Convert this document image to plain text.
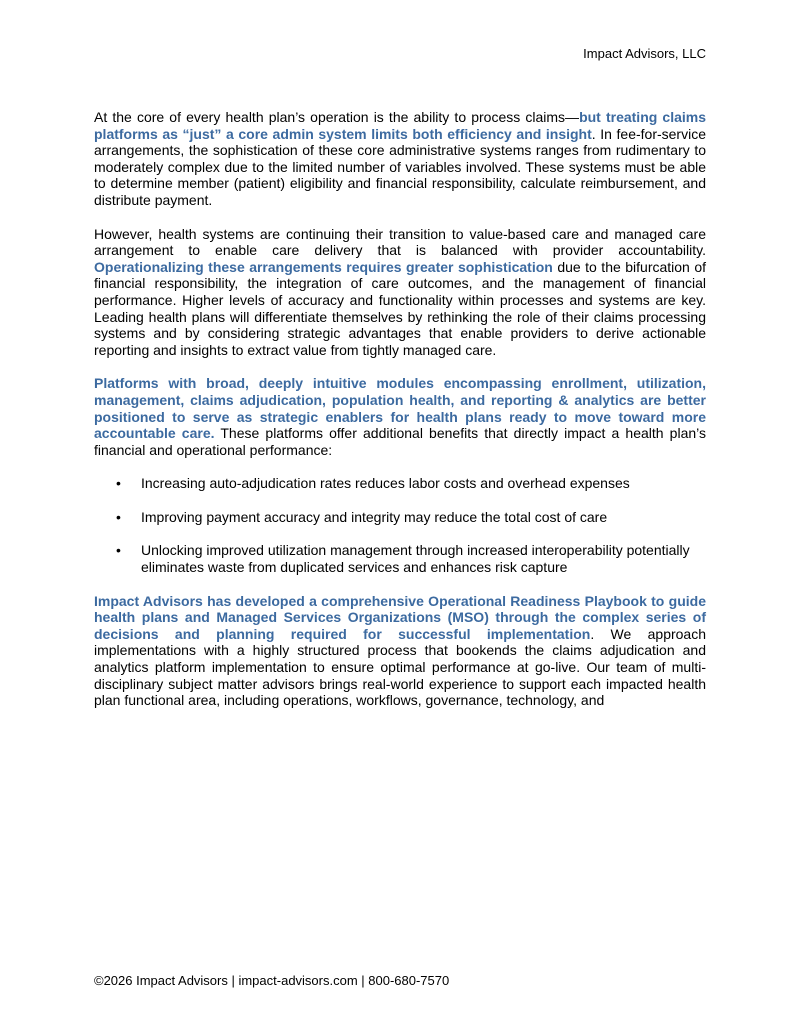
Impact Advisors, LLC

At the core of every health plan’s operation is the ability to process claims—but treating claims platforms as “just” a core admin system limits both efficiency and insight. In fee-for-service arrangements, the sophistication of these core administrative systems ranges from rudimentary to moderately complex due to the limited number of variables involved. These systems must be able to determine member (patient) eligibility and financial responsibility, calculate reimbursement, and distribute payment.

However, health systems are continuing their transition to value-based care and managed care arrangement to enable care delivery that is balanced with provider accountability. Operationalizing these arrangements requires greater sophistication due to the bifurcation of financial responsibility, the integration of care outcomes, and the management of financial performance. Higher levels of accuracy and functionality within processes and systems are key. Leading health plans will differentiate themselves by rethinking the role of their claims processing systems and by considering strategic advantages that enable providers to derive actionable reporting and insights to extract value from tightly managed care.

Platforms with broad, deeply intuitive modules encompassing enrollment, utilization, management, claims adjudication, population health, and reporting & analytics are better positioned to serve as strategic enablers for health plans ready to move toward more accountable care. These platforms offer additional benefits that directly impact a health plan’s financial and operational performance:

• Increasing auto-adjudication rates reduces labor costs and overhead expenses
• Improving payment accuracy and integrity may reduce the total cost of care
• Unlocking improved utilization management through increased interoperability potentially eliminates waste from duplicated services and enhances risk capture

Impact Advisors has developed a comprehensive Operational Readiness Playbook to guide health plans and Managed Services Organizations (MSO) through the complex series of decisions and planning required for successful implementation. We approach implementations with a highly structured process that bookends the claims adjudication and analytics platform implementation to ensure optimal performance at go-live. Our team of multi-disciplinary subject matter advisors brings real-world experience to support each impacted health plan functional area, including operations, workflows, governance, technology, and

©2026 Impact Advisors | impact-advisors.com | 800-680-7570
